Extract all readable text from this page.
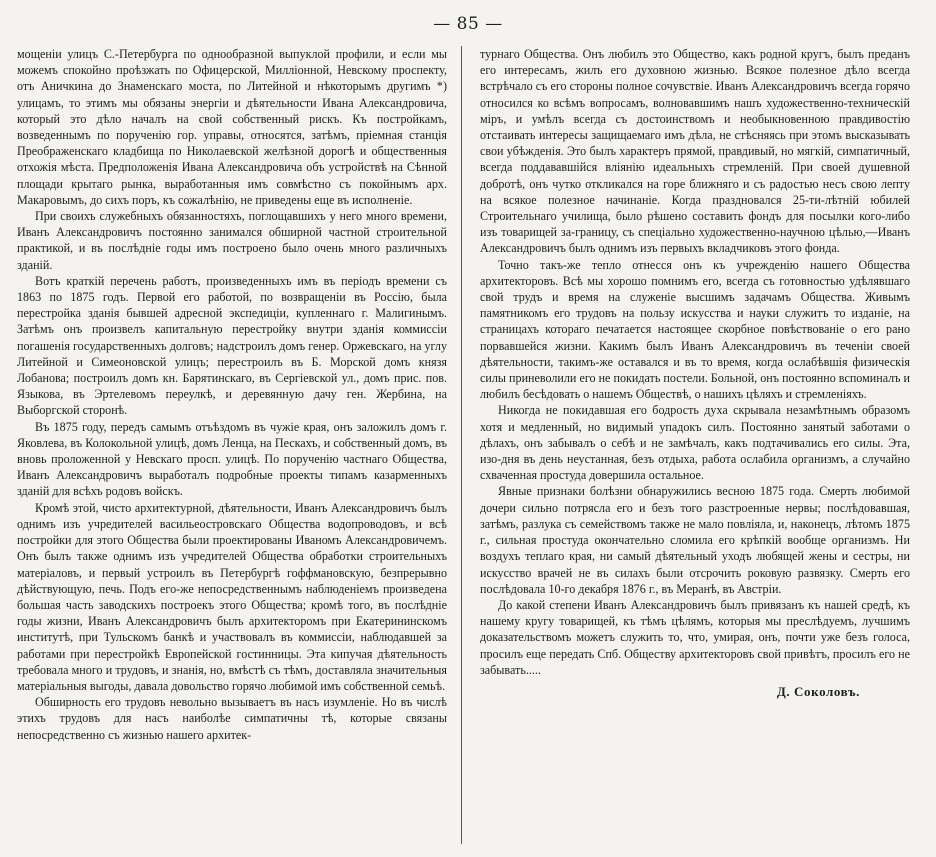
— 85 —

мощеніи улицъ С.-Петербурга по однообразной выпуклой профили, и если мы можемъ спокойно проѣзжать по Офицерской, Милліонной, Невскому проспекту, отъ Аничкина до Знаменскаго моста, по Литейной и нѣкоторымъ другимъ *) улицамъ, то этимъ мы обязаны энергіи и дѣятельности Ивана Александровича, который это дѣло началъ на свой собственный рискъ. Къ постройкамъ, возведеннымъ по порученію гор. управы, относятся, затѣмъ, пріемная станція Преображенскаго кладбища по Николаевской желѣзной дорогѣ и общественныя отхожія мѣста. Предположенія Ивана Александровича объ устройствѣ на Сѣнной площади крытаго рынка, выработанныя имъ совмѣстно съ покойнымъ арх. Макаровымъ, до сихъ поръ, къ сожалѣнію, не приведены еще въ исполненіе.

При своихъ служебныхъ обязанностяхъ, поглощавшихъ у него много времени, Иванъ Александровичъ постоянно занимался обширной частной строительной практикой, и въ послѣдніе годы имъ построено было очень много различныхъ зданій.

Вотъ краткій перечень работъ, произведенныхъ имъ въ періодъ времени съ 1863 по 1875 годъ. Первой его работой, по возвращеніи въ Россію, была перестройка зданія бывшей адресной экспедиціи, купленнаго г. Малигинымъ. Затѣмъ онъ произвелъ капитальную перестройку внутри зданія коммиссіи погашенія государственныхъ долговъ; надстроилъ домъ генер. Оржевскаго, на углу Литейной и Симеоновской улицъ; перестроилъ въ Б. Морской домъ князя Лобанова; построилъ домъ кн. Барятинскаго, въ Сергіевской ул., домъ прис. пов. Языкова, въ Эртелевомъ переулкѣ, и деревянную дачу ген. Жербина, на Выборгской сторонѣ.

Въ 1875 году, передъ самымъ отъѣздомъ въ чужіе края, онъ заложилъ домъ г. Яковлева, въ Колокольной улицѣ, домъ Ленца, на Пескахъ, и собственный домъ, въ вновь проложенной у Невскаго просп. улицѣ. По порученію частнаго Общества, Иванъ Александровичъ выработалъ подробные проекты типамъ казарменныхъ зданій для всѣхъ родовъ войскъ.

Кромѣ этой, чисто архитектурной, дѣятельности, Иванъ Александровичъ былъ однимъ изъ учредителей васильеостровскаго Общества водопроводовъ, и всѣ постройки для этого Общества были проектированы Иваномъ Александровичемъ. Онъ былъ также однимъ изъ учредителей Общества обработки строительныхъ матеріаловъ, и первый устроилъ въ Петербургѣ гоффмановскую, безпрерывно дѣйствующую, печь. Подъ его-же непосредственнымъ наблюденіемъ произведена большая часть заводскихъ построекъ этого Общества; кромѣ того, въ послѣдніе годы жизни, Иванъ Александровичъ былъ архитекторомъ при Екатерининскомъ институтѣ, при Тульскомъ банкѣ и участвовалъ въ коммиссіи, наблюдавшей за работами при перестройкѣ Европейской гостинницы. Эта кипучая дѣятельность требовала много и трудовъ, и знанія, но, вмѣстѣ съ тѣмъ, доставляла значительныя матеріальныя выгоды, давала довольство горячо любимой имъ собственной семьѣ.

Обширность его трудовъ невольно вызываетъ въ насъ изумленіе. Но въ числѣ этихъ трудовъ для насъ наиболѣе симпатичны тѣ, которые связаны непосредственно съ жизнью нашего архитек-

турнаго Общества. Онъ любилъ это Общество, какъ родной кругъ, былъ преданъ его интересамъ, жилъ его духовною жизнью. Всякое полезное дѣло всегда встрѣчало съ его стороны полное сочувствіе. Иванъ Александровичъ всегда горячо относился ко всѣмъ вопросамъ, волновавшимъ нашъ художественно-техническій міръ, и умѣлъ всегда съ достоинствомъ и необыкновенною правдивостію отстаивать интересы защищаемаго имъ дѣла, не стѣсняясь при этомъ высказывать свои убѣжденія. Это былъ характеръ прямой, правдивый, но мягкій, симпатичный, всегда поддававшійся вліянію идеальныхъ стремленій. При своей душевной добротѣ, онъ чутко откликался на горе ближняго и съ радостью несъ свою лепту на всякое полезное начинаніе. Когда праздновался 25-ти-лѣтній юбилей Строительнаго училища, было рѣшено составить фондъ для посылки кого-либо изъ товарищей за-границу, съ спеціально художественно-научною цѣлью,—Иванъ Александровичъ былъ однимъ изъ первыхъ вкладчиковъ этого фонда.

Точно такъ-же тепло отнесся онъ къ учрежденію нашего Общества архитекторовъ. Всѣ мы хорошо помнимъ его, всегда съ готовностью удѣлявшаго свой трудъ и время на служеніе высшимъ задачамъ Общества. Живымъ памятникомъ его трудовъ на пользу искусства и науки служитъ то изданіе, на страницахъ котораго печатается настоящее скорбное повѣствованіе о его рано порвавшейся жизни. Какимъ былъ Иванъ Александровичъ въ теченіи своей дѣятельности, такимъ-же оставался и въ то время, когда ослабѣвшія физическія силы приневолили его не покидать постели. Больной, онъ постоянно вспоминалъ и любилъ бесѣдовать о нашемъ Обществѣ, о нашихъ цѣляхъ и стремленіяхъ.

Никогда не покидавшая его бодрость духа скрывала незамѣтнымъ образомъ хотя и медленный, но видимый упадокъ силъ. Постоянно занятый заботами о дѣлахъ, онъ забывалъ о себѣ и не замѣчалъ, какъ подтачивались его силы. Эта, изо-дня въ день неустанная, безъ отдыха, работа ослабила организмъ, а случайно схваченная простуда довершила остальное.

Явные признаки болѣзни обнаружились весною 1875 года. Смерть любимой дочери сильно потрясла его и безъ того разстроенные нервы; послѣдовавшая, затѣмъ, разлука съ семействомъ также не мало повліяла, и, наконецъ, лѣтомъ 1875 г., сильная простуда окончательно сломила его крѣпкій вообще организмъ. Ни воздухъ теплаго края, ни самый дѣятельный уходъ любящей жены и сестры, ни искусство врачей не въ силахъ были отсрочить роковую развязку. Смерть его послѣдовала 10-го декабря 1876 г., въ Меранѣ, въ Австріи.

До какой степени Иванъ Александровичъ былъ привязанъ къ нашей средѣ, къ нашему кругу товарищей, къ тѣмъ цѣлямъ, которыя мы преслѣдуемъ, лучшимъ доказательствомъ можетъ служить то, что, умирая, онъ, почти уже безъ голоса, просилъ еще передать Спб. Обществу архитекторовъ свой привѣтъ, просилъ его не забывать.....

Д. Соколовъ.
